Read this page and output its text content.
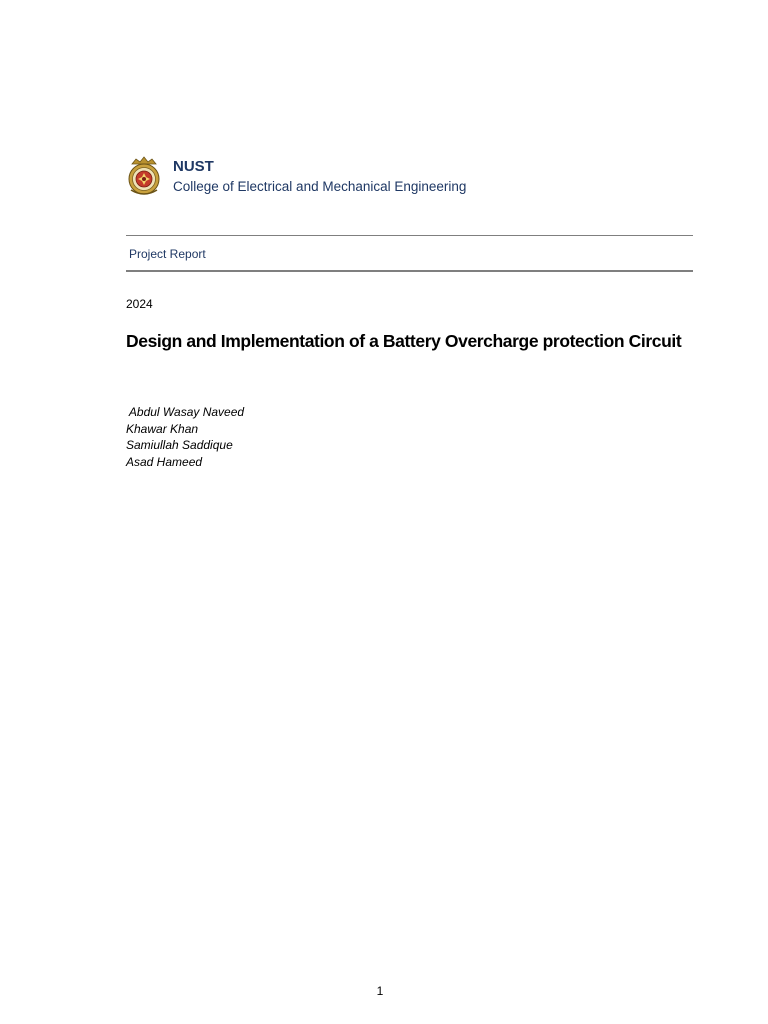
NUST
College of Electrical and Mechanical Engineering
Project Report
2024
Design and Implementation of a Battery Overcharge protection Circuit
Abdul Wasay Naveed
Khawar Khan
Samiullah Saddique
Asad Hameed
1
